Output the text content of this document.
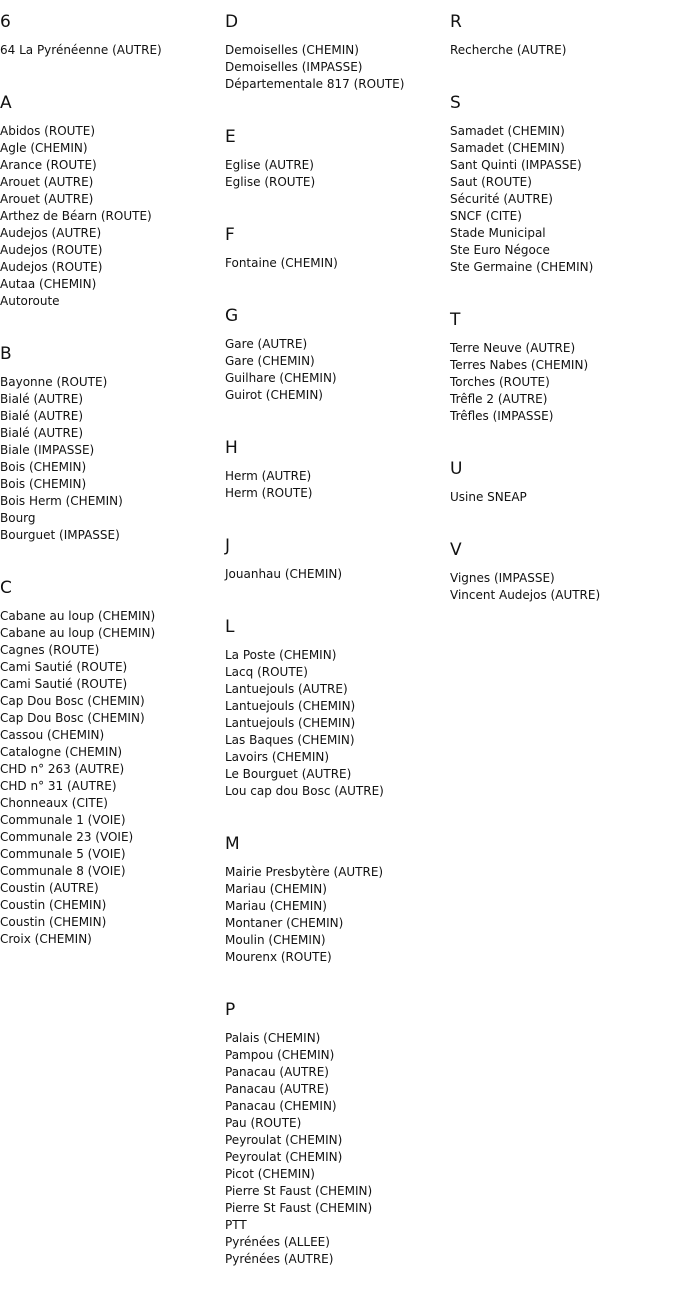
6
64 La Pyrénéenne (AUTRE)
A
Abidos (ROUTE)
Agle (CHEMIN)
Arance (ROUTE)
Arouet (AUTRE)
Arouet (AUTRE)
Arthez de Béarn (ROUTE)
Audejos (AUTRE)
Audejos (ROUTE)
Audejos (ROUTE)
Autaa (CHEMIN)
Autoroute
B
Bayonne (ROUTE)
Bialé (AUTRE)
Bialé (AUTRE)
Bialé (AUTRE)
Biale (IMPASSE)
Bois (CHEMIN)
Bois (CHEMIN)
Bois Herm (CHEMIN)
Bourg
Bourguet (IMPASSE)
C
Cabane au loup (CHEMIN)
Cabane au loup (CHEMIN)
Cagnes (ROUTE)
Cami Sautié (ROUTE)
Cami Sautié (ROUTE)
Cap Dou Bosc (CHEMIN)
Cap Dou Bosc (CHEMIN)
Cassou (CHEMIN)
Catalogne (CHEMIN)
CHD n° 263 (AUTRE)
CHD n° 31 (AUTRE)
Chonneaux (CITE)
Communale 1 (VOIE)
Communale 23 (VOIE)
Communale 5 (VOIE)
Communale 8 (VOIE)
Coustin (AUTRE)
Coustin (CHEMIN)
Coustin (CHEMIN)
Croix (CHEMIN)
D
Demoiselles (CHEMIN)
Demoiselles (IMPASSE)
Départementale 817 (ROUTE)
E
Eglise (AUTRE)
Eglise (ROUTE)
F
Fontaine (CHEMIN)
G
Gare (AUTRE)
Gare (CHEMIN)
Guilhare (CHEMIN)
Guirot (CHEMIN)
H
Herm (AUTRE)
Herm (ROUTE)
J
Jouanhau (CHEMIN)
L
La Poste (CHEMIN)
Lacq (ROUTE)
Lantuejouls (AUTRE)
Lantuejouls (CHEMIN)
Lantuejouls (CHEMIN)
Las Baques (CHEMIN)
Lavoirs (CHEMIN)
Le Bourguet (AUTRE)
Lou cap dou Bosc (AUTRE)
M
Mairie Presbytère (AUTRE)
Mariau (CHEMIN)
Mariau (CHEMIN)
Montaner (CHEMIN)
Moulin (CHEMIN)
Mourenx (ROUTE)
P
Palais (CHEMIN)
Pampou (CHEMIN)
Panacau (AUTRE)
Panacau (AUTRE)
Panacau (CHEMIN)
Pau (ROUTE)
Peyroulat (CHEMIN)
Peyroulat (CHEMIN)
Picot (CHEMIN)
Pierre St Faust (CHEMIN)
Pierre St Faust (CHEMIN)
PTT
Pyrénées (ALLEE)
Pyrénées (AUTRE)
R
Recherche (AUTRE)
S
Samadet (CHEMIN)
Samadet (CHEMIN)
Sant Quinti (IMPASSE)
Saut (ROUTE)
Sécurité (AUTRE)
SNCF (CITE)
Stade Municipal
Ste Euro Négoce
Ste Germaine (CHEMIN)
T
Terre Neuve (AUTRE)
Terres Nabes (CHEMIN)
Torches (ROUTE)
Trêfle 2 (AUTRE)
Trêfles (IMPASSE)
U
Usine SNEAP
V
Vignes (IMPASSE)
Vincent Audejos (AUTRE)
